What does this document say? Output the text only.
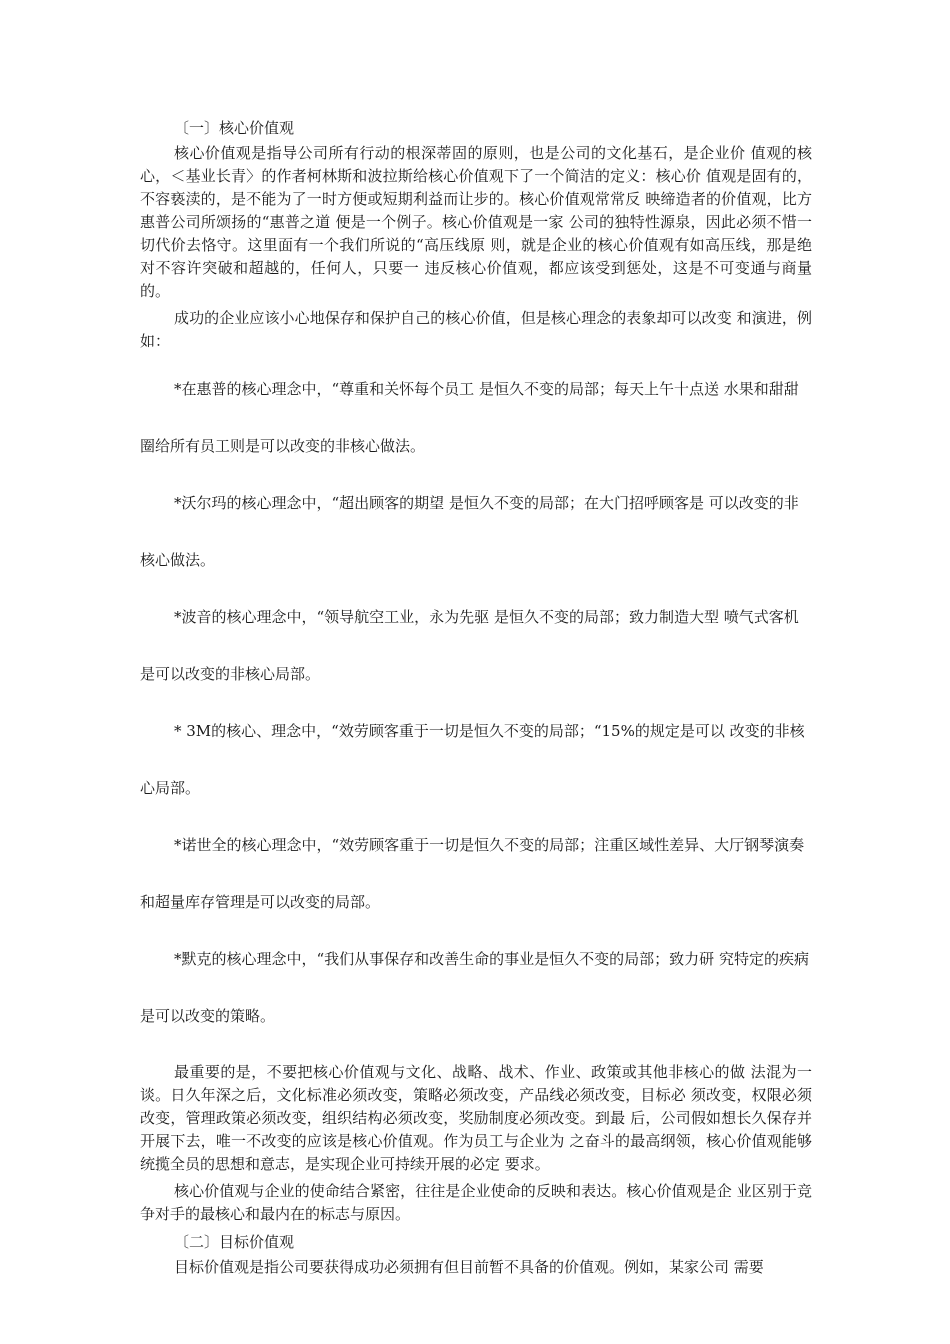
〔一〕核心价值观

核心价值观是指导公司所有行动的根深蒂固的原则，也是公司的文化基石，是企业价 值观的核心，＜基业长青〉的作者柯林斯和波拉斯给核心价值观下了一个简洁的定义：核心价 值观是固有的，不容亵渎的，是不能为了一时方便或短期利益而让步的。核心价值观常常反 映缔造者的价值观，比方惠普公司所颂扬的“惠普之道 便是一个例子。核心价值观是一家 公司的独特性源泉，因此必须不惜一切代价去恪守。这里面有一个我们所说的“高压线原 则，就是企业的核心价值观有如高压线，那是绝对不容许突破和超越的，任何人，只要一 违反核心价值观，都应该受到惩处，这是不可变通与商量的。

成功的企业应该小心地保存和保护自己的核心价值，但是核心理念的表象却可以改变 和演进，例如：

*在惠普的核心理念中，“尊重和关怀每个员工 是恒久不变的局部；每天上午十点送 水果和甜甜圈给所有员工则是可以改变的非核心做法。

*沃尔玛的核心理念中，“超出顾客的期望 是恒久不变的局部；在大门招呼顾客是 可以改变的非核心做法。

*波音的核心理念中，“领导航空工业，永为先驱 是恒久不变的局部；致力制造大型 喷气式客机是可以改变的非核心局部。

* 3M的核心、理念中，“效劳顾客重于一切是恒久不变的局部；“15%的规定是可以 改变的非核心局部。

*诺世全的核心理念中，“效劳顾客重于一切是恒久不变的局部；注重区域性差异、大厅钢琴演奏和超量库存管理是可以改变的局部。

*默克的核心理念中，“我们从事保存和改善生命的事业是恒久不变的局部；致力研 究特定的疾病是可以改变的策略。

最重要的是，不要把核心价值观与文化、战略、战术、作业、政策或其他非核心的做 法混为一谈。日久年深之后，文化标准必须改变，策略必须改变，产品线必须改变，目标必 须改变，权限必须改变，管理政策必须改变，组织结构必须改变，奖励制度必须改变。到最 后，公司假如想长久保存并开展下去，唯一不改变的应该是核心价值观。作为员工与企业为 之奋斗的最高纲领，核心价值观能够统揽全员的思想和意志，是实现企业可持续开展的必定 要求。

核心价值观与企业的使命结合紧密，往往是企业使命的反映和表达。核心价值观是企 业区别于竞争对手的最核心和最内在的标志与原因。

〔二〕目标价值观

目标价值观是指公司要获得成功必须拥有但目前暂不具备的价值观。例如，某家公司 需要
